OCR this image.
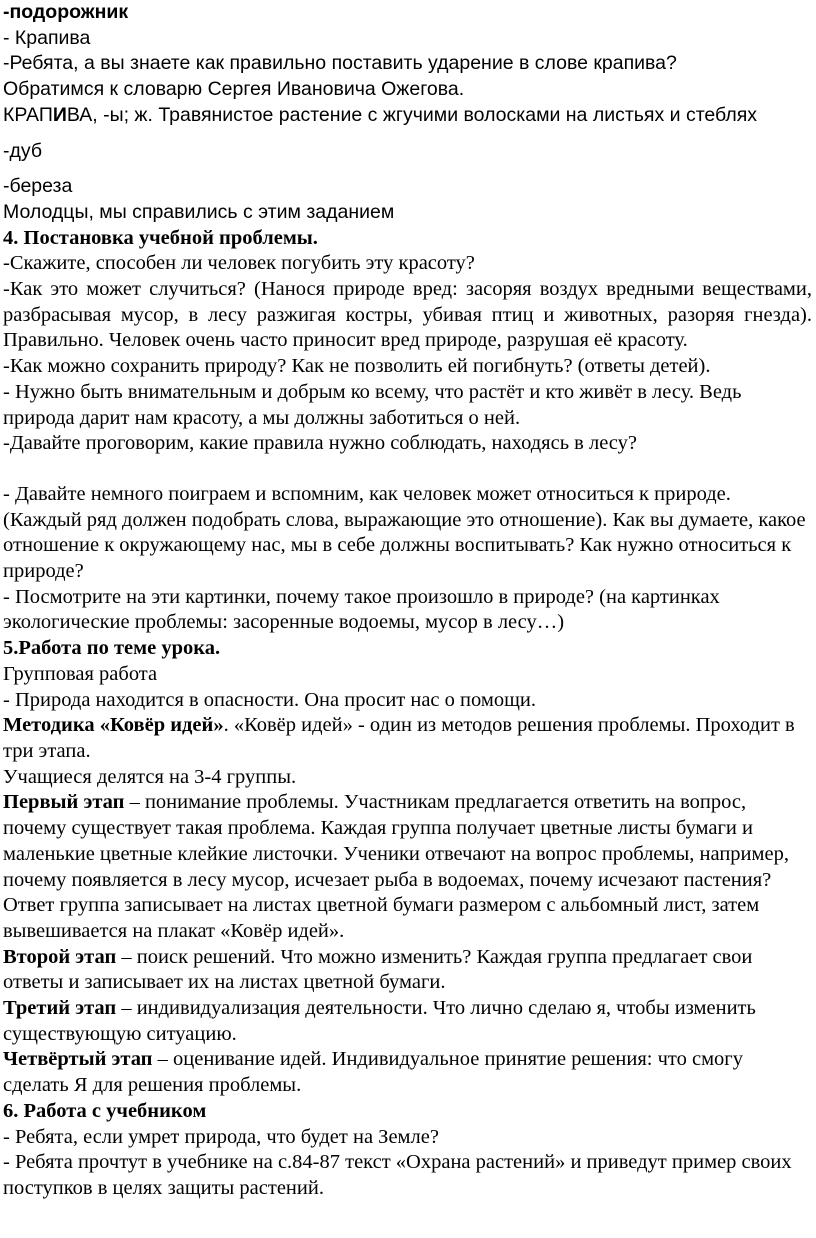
-подорожник

- Крапива

-Ребята, а вы знаете как правильно поставить ударение в слове крапива?

Обратимся к словарю Сергея Ивановича Ожегова.

КРАПИВА, -ы; ж. Травянистое растение с жгучими волосками на листьях и стеблях

-дуб

-береза

Молодцы, мы справились с этим заданием

4. Постановка учебной проблемы.

-Скажите, способен ли человек погубить эту красоту?

-Как это может случиться? (Нанося природе вред: засоряя воздух вредными веществами, разбрасывая мусор, в лесу разжигая костры, убивая птиц и животных, разоряя гнезда). Правильно. Человек очень часто приносит вред природе, разрушая её красоту.

-Как можно сохранить природу? Как не позволить ей погибнуть? (ответы детей).

- Нужно быть внимательным и добрым ко всему, что растёт и кто живёт в лесу. Ведь природа дарит нам красоту, а мы должны заботиться о ней.

-Давайте проговорим, какие правила нужно соблюдать, находясь в лесу?

- Давайте немного поиграем и вспомним, как человек может относиться к природе. (Каждый ряд должен подобрать слова, выражающие это отношение). Как вы думаете, какое отношение к окружающему нас, мы в себе должны воспитывать? Как нужно относиться к природе?

- Посмотрите на эти картинки, почему такое произошло в природе? (на картинках экологические проблемы: засоренные водоемы, мусор в лесу…)

5.Работа по теме урока.

Групповая работа

- Природа находится в опасности. Она просит нас о помощи.

Методика «Ковёр идей». «Ковёр идей» - один из методов решения проблемы. Проходит в три этапа.

Учащиеся делятся на 3-4 группы.

Первый этап – понимание проблемы. Участникам предлагается ответить на вопрос, почему существует такая проблема. Каждая группа получает цветные листы бумаги и маленькие цветные клейкие листочки. Ученики отвечают на вопрос проблемы, например, почему появляется в лесу мусор, исчезает рыба в водоемах, почему исчезают пастения? Ответ группа записывает на листах цветной бумаги размером с альбомный лист, затем вывешивается на плакат «Ковёр идей».

Второй этап – поиск решений. Что можно изменить? Каждая группа предлагает свои ответы и записывает их на листах цветной бумаги.

Третий этап – индивидуализация деятельности. Что лично сделаю я, чтобы изменить существующую ситуацию.

Четвёртый этап – оценивание идей. Индивидуальное принятие решения: что смогу сделать Я для решения проблемы.

6. Работа с учебником

- Ребята, если умрет природа, что будет на Земле?

- Ребята прочтут в учебнике на с.84-87 текст «Охрана растений» и приведут пример своих поступков в целях защиты растений.
